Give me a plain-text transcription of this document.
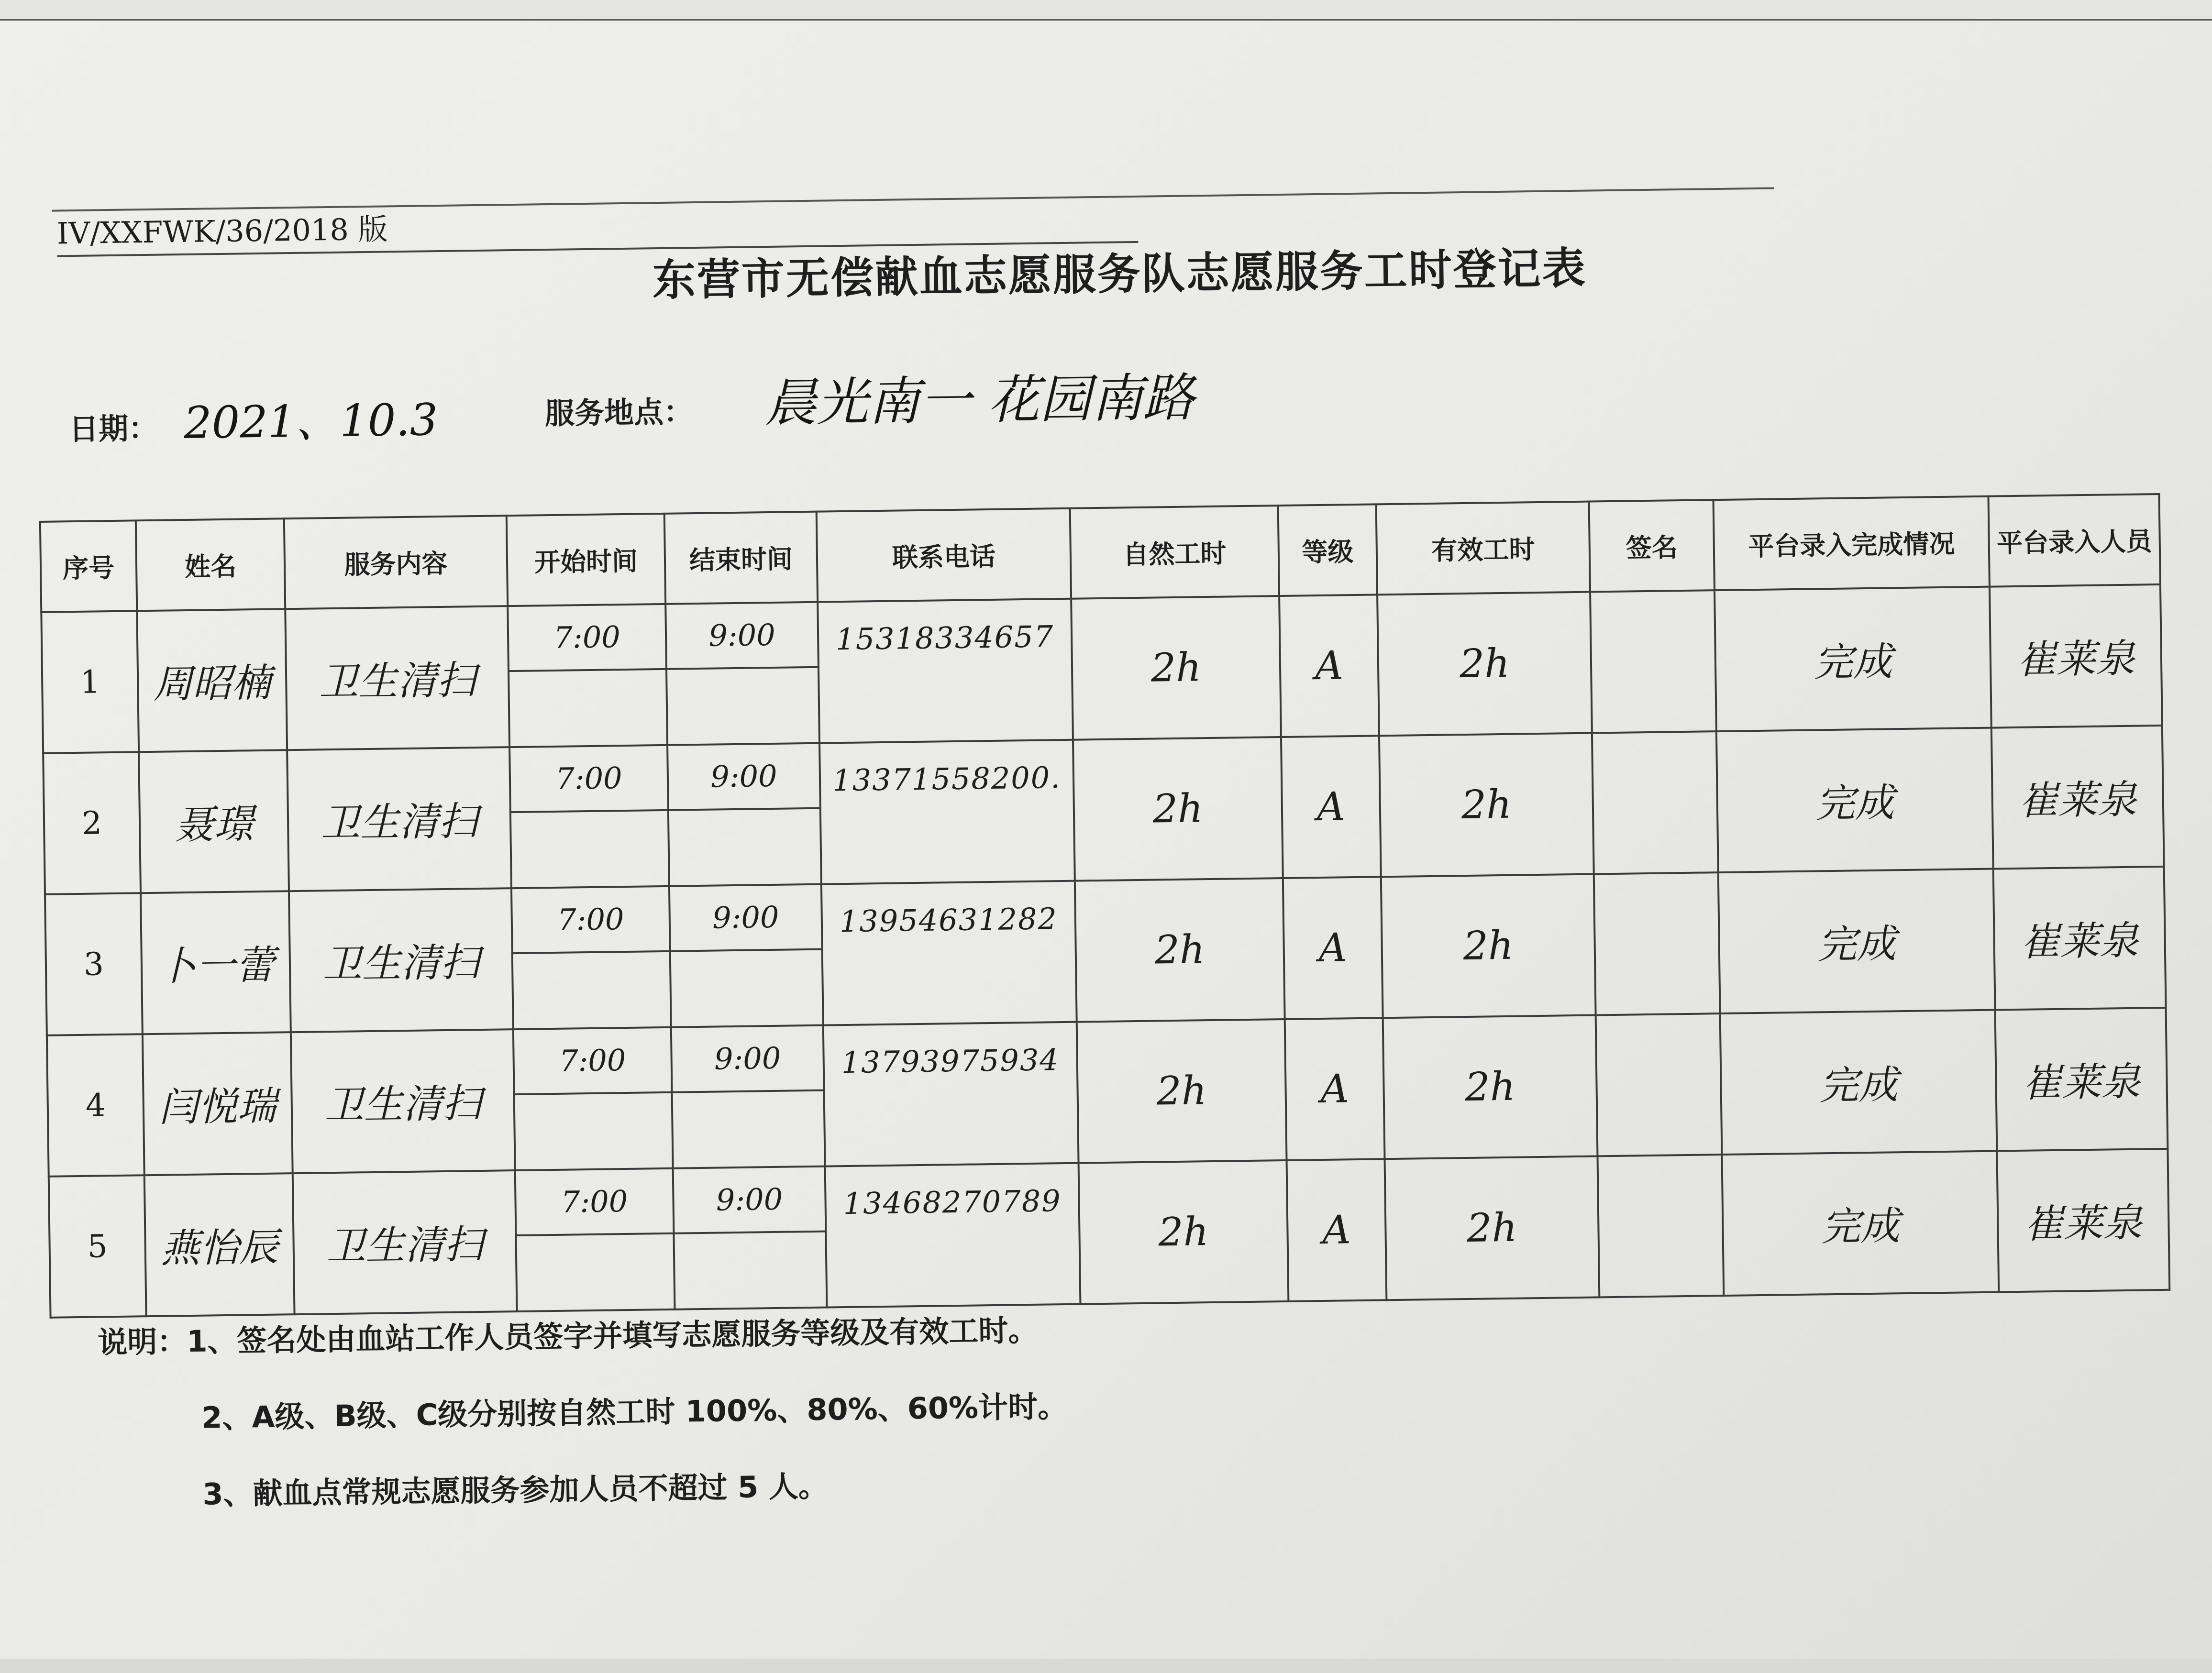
IV/XXFWK/36/2018 版
东营市无偿献血志愿服务队志愿服务工时登记表
日期： 2021、10.3	服务地点：	晨光南一 花园南路
序号	姓名	服务内容	开始时间	结束时间	联系电话	自然工时	等级	有效工时	签名	平台录入完成情况	平台录入人员
1	周昭楠	卫生清扫	7:00	9:00	15318334657	2h	A	2h		完成	崔莱泉
2	聂璟	卫生清扫	7:00	9:00	13371558200.	2h	A	2h		完成	崔莱泉
3	卜一蕾	卫生清扫	7:00	9:00	13954631282	2h	A	2h		完成	崔莱泉
4	闫悦瑞	卫生清扫	7:00	9:00	13793975934	2h	A	2h		完成	崔莱泉
5	燕怡辰	卫生清扫	7:00	9:00	13468270789	2h	A	2h		完成	崔莱泉
说明：1、签名处由血站工作人员签字并填写志愿服务等级及有效工时。
2、A级、B级、C级分别按自然工时 100%、80%、60%计时。
3、献血点常规志愿服务参加人员不超过 5 人。
